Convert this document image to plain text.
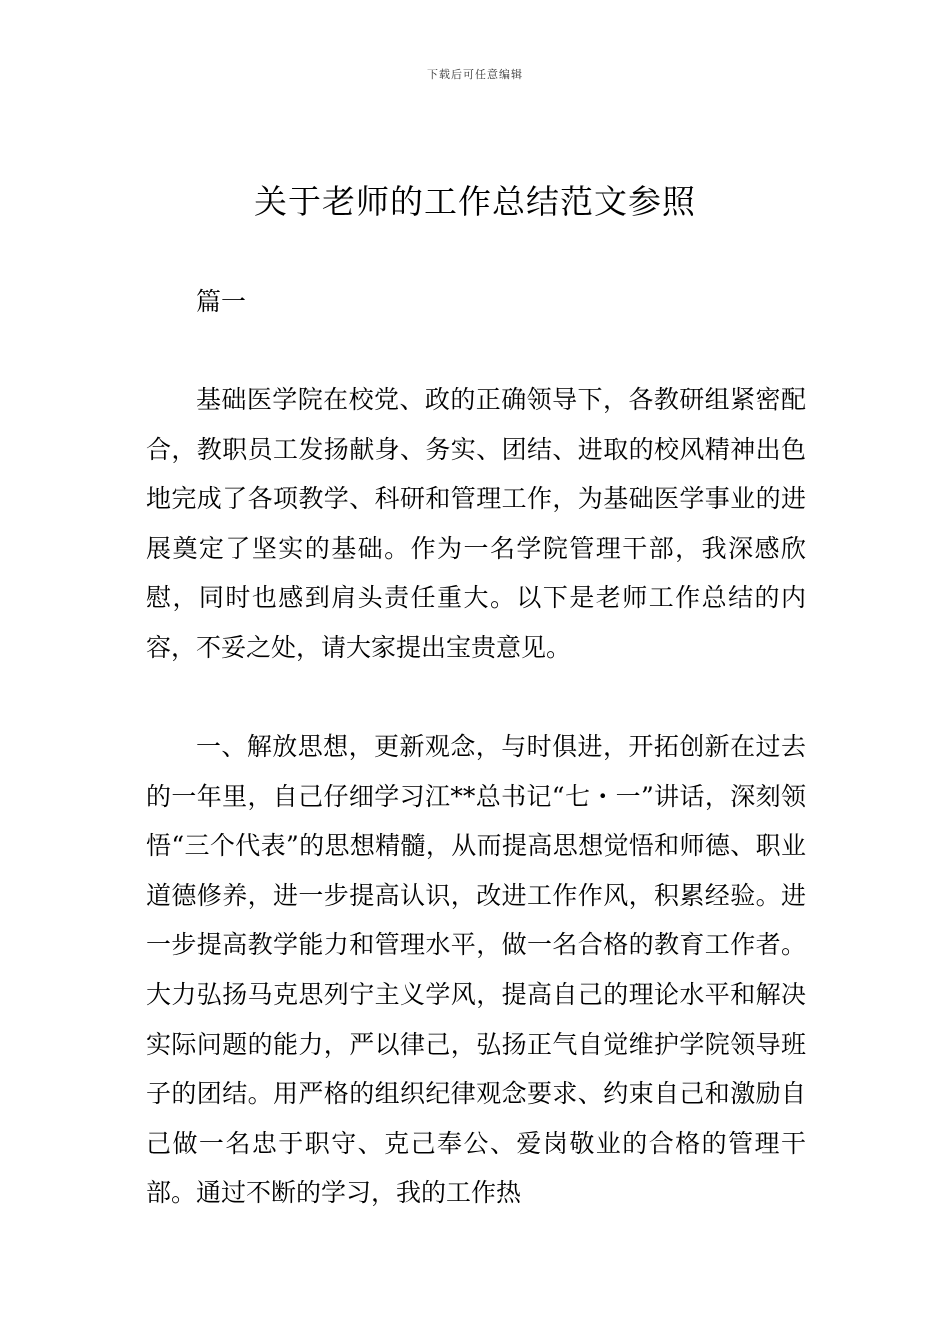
下载后可任意编辑
关于老师的工作总结范文参照

篇一

基础医学院在校党、政的正确领导下，各教研组紧密配合，教职员工发扬献身、务实、团结、进取的校风精神出色地完成了各项教学、科研和管理工作，为基础医学事业的进展奠定了坚实的基础。作为一名学院管理干部，我深感欣慰，同时也感到肩头责任重大。以下是老师工作总结的内容，不妥之处，请大家提出宝贵意见。

一、解放思想，更新观念，与时俱进，开拓创新在过去的一年里，自己仔细学习江**总书记“七・一”讲话，深刻领悟“三个代表”的思想精髓，从而提高思想觉悟和师德、职业道德修养，进一步提高认识，改进工作作风，积累经验。进一步提高教学能力和管理水平，做一名合格的教育工作者。大力弘扬马克思列宁主义学风，提高自己的理论水平和解决实际问题的能力，严以律己，弘扬正气自觉维护学院领导班子的团结。用严格的组织纪律观念要求、约束自己和激励自己做一名忠于职守、克己奉公、爱岗敬业的合格的管理干部。通过不断的学习，我的工作热
